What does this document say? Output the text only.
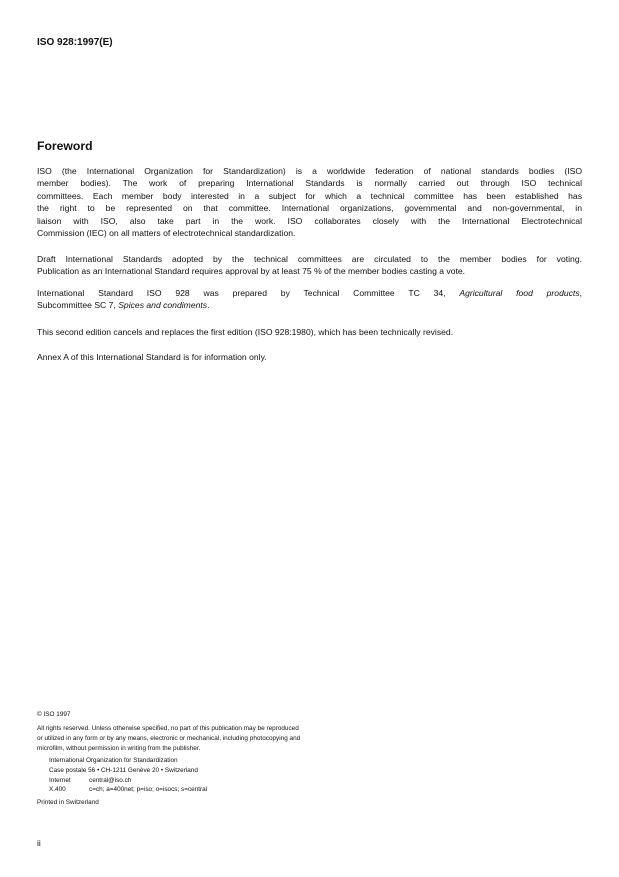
ISO 928:1997(E)
Foreword
ISO (the International Organization for Standardization) is a worldwide federation of national standards bodies (ISO
member bodies). The work of preparing International Standards is normally carried out through ISO technical
committees. Each member body interested in a subject for which a technical committee has been established has
the right to be represented on that committee. International organizations, governmental and non-governmental, in
liaison with ISO, also take part in the work. ISO collaborates closely with the International Electrotechnical
Commission (IEC) on all matters of electrotechnical standardization.
Draft International Standards adopted by the technical committees are circulated to the member bodies for voting.
Publication as an International Standard requires approval by at least 75 % of the member bodies casting a vote.
International Standard ISO 928 was prepared by Technical Committee TC 34, Agricultural food products,
Subcommittee SC 7, Spices and condiments.
This second edition cancels and replaces the first edition (ISO 928:1980), which has been technically revised.
Annex A of this International Standard is for information only.
© ISO 1997
All rights reserved. Unless otherwise specified, no part of this publication may be reproduced
or utilized in any form or by any means, electronic or mechanical, including photocopying and
microfilm, without permission in writing from the publisher.
International Organization for Standardization
Case postale 56 • CH-1211 Genève 20 • Switzerland
Internet	central@iso.ch
X.400	c=ch; a=400net; p=iso; o=isocs; s=central
Printed in Switzerland
ii
